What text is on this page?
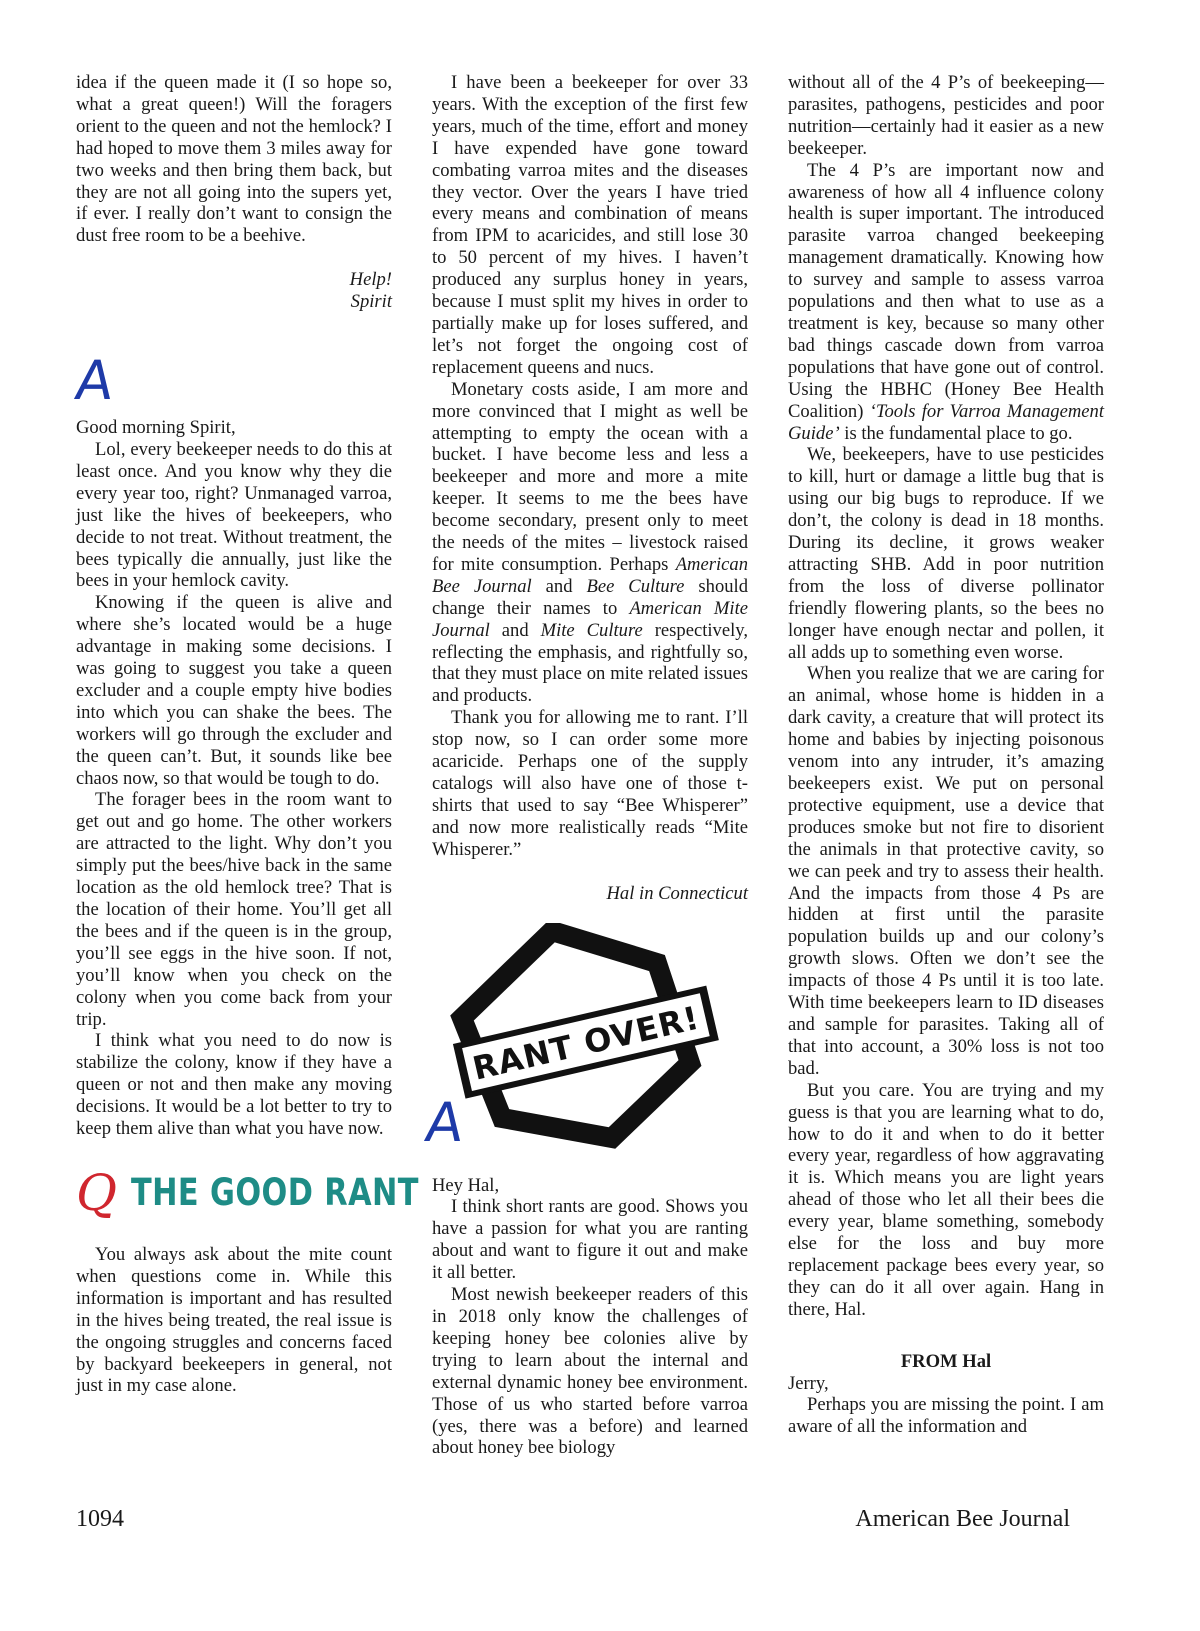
idea if the queen made it (I so hope so, what a great queen!) Will the foragers orient to the queen and not the hemlock? I had hoped to move them 3 miles away for two weeks and then bring them back, but they are not all going into the supers yet, if ever. I really don’t want to consign the dust free room to be a beehive.

Help!

Spirit

A

Good morning Spirit,

Lol, every beekeeper needs to do this at least once. And you know why they die every year too, right? Unmanaged varroa, just like the hives of beekeepers, who decide to not treat. Without treatment, the bees typically die annually, just like the bees in your hemlock cavity.

Knowing if the queen is alive and where she’s located would be a huge advantage in making some decisions. I was going to suggest you take a queen excluder and a couple empty hive bodies into which you can shake the bees. The workers will go through the excluder and the queen can’t. But, it sounds like bee chaos now, so that would be tough to do.

The forager bees in the room want to get out and go home. The other workers are attracted to the light. Why don’t you simply put the bees/hive back in the same location as the old hemlock tree? That is the location of their home. You’ll get all the bees and if the queen is in the group, you’ll see eggs in the hive soon. If not, you’ll know when you check on the colony when you come back from your trip.

I think what you need to do now is stabilize the colony, know if they have a queen or not and then make any moving decisions. It would be a lot better to try to keep them alive than what you have now.

Q THE GOOD RANT

You always ask about the mite count when questions come in. While this information is important and has resulted in the hives being treated, the real issue is the ongoing struggles and concerns faced by backyard beekeepers in general, not just in my case alone.

I have been a beekeeper for over 33 years. With the exception of the first few years, much of the time, effort and money I have expended have gone toward combating varroa mites and the diseases they vector. Over the years I have tried every means and combination of means from IPM to acaricides, and still lose 30 to 50 percent of my hives. I haven’t produced any surplus honey in years, because I must split my hives in order to partially make up for loses suffered, and let’s not forget the ongoing cost of replacement queens and nucs.

Monetary costs aside, I am more and more convinced that I might as well be attempting to empty the ocean with a bucket. I have become less and less a beekeeper and more and more a mite keeper. It seems to me the bees have become secondary, present only to meet the needs of the mites – livestock raised for mite consumption. Perhaps American Bee Journal and Bee Culture should change their names to American Mite Journal and Mite Culture respectively, reflecting the emphasis, and rightfully so, that they must place on mite related issues and products.

Thank you for allowing me to rant. I’ll stop now, so I can order some more acaricide. Perhaps one of the supply catalogs will also have one of those t-shirts that used to say “Bee Whisperer” and now more realistically reads “Mite Whisperer.”

Hal in Connecticut

RANT OVER!
A

Hey Hal,

I think short rants are good. Shows you have a passion for what you are ranting about and want to figure it out and make it all better.

Most newish beekeeper readers of this in 2018 only know the challenges of keeping honey bee colonies alive by trying to learn about the internal and external dynamic honey bee environment. Those of us who started before varroa (yes, there was a before) and learned about honey bee biology

without all of the 4 P’s of beekeeping—parasites, pathogens, pesticides and poor nutrition—certainly had it easier as a new beekeeper.

The 4 P’s are important now and awareness of how all 4 influence colony health is super important. The introduced parasite varroa changed beekeeping management dramatically. Knowing how to survey and sample to assess varroa populations and then what to use as a treatment is key, because so many other bad things cascade down from varroa populations that have gone out of control. Using the HBHC (Honey Bee Health Coalition) ‘Tools for Varroa Management Guide’ is the fundamental place to go.

We, beekeepers, have to use pesticides to kill, hurt or damage a little bug that is using our big bugs to reproduce. If we don’t, the colony is dead in 18 months. During its decline, it grows weaker attracting SHB. Add in poor nutrition from the loss of diverse pollinator friendly flowering plants, so the bees no longer have enough nectar and pollen, it all adds up to something even worse.

When you realize that we are caring for an animal, whose home is hidden in a dark cavity, a creature that will protect its home and babies by injecting poisonous venom into any intruder, it’s amazing beekeepers exist. We put on personal protective equipment, use a device that produces smoke but not fire to disorient the animals in that protective cavity, so we can peek and try to assess their health. And the impacts from those 4 Ps are hidden at first until the parasite population builds up and our colony’s growth slows. Often we don’t see the impacts of those 4 Ps until it is too late. With time beekeepers learn to ID diseases and sample for parasites. Taking all of that into account, a 30% loss is not too bad.

But you care. You are trying and my guess is that you are learning what to do, how to do it and when to do it better every year, regardless of how aggravating it is. Which means you are light years ahead of those who let all their bees die every year, blame something, somebody else for the loss and buy more replacement package bees every year, so they can do it all over again. Hang in there, Hal.

FROM Hal

Jerry,

Perhaps you are missing the point. I am aware of all the information and

1094	American Bee Journal
